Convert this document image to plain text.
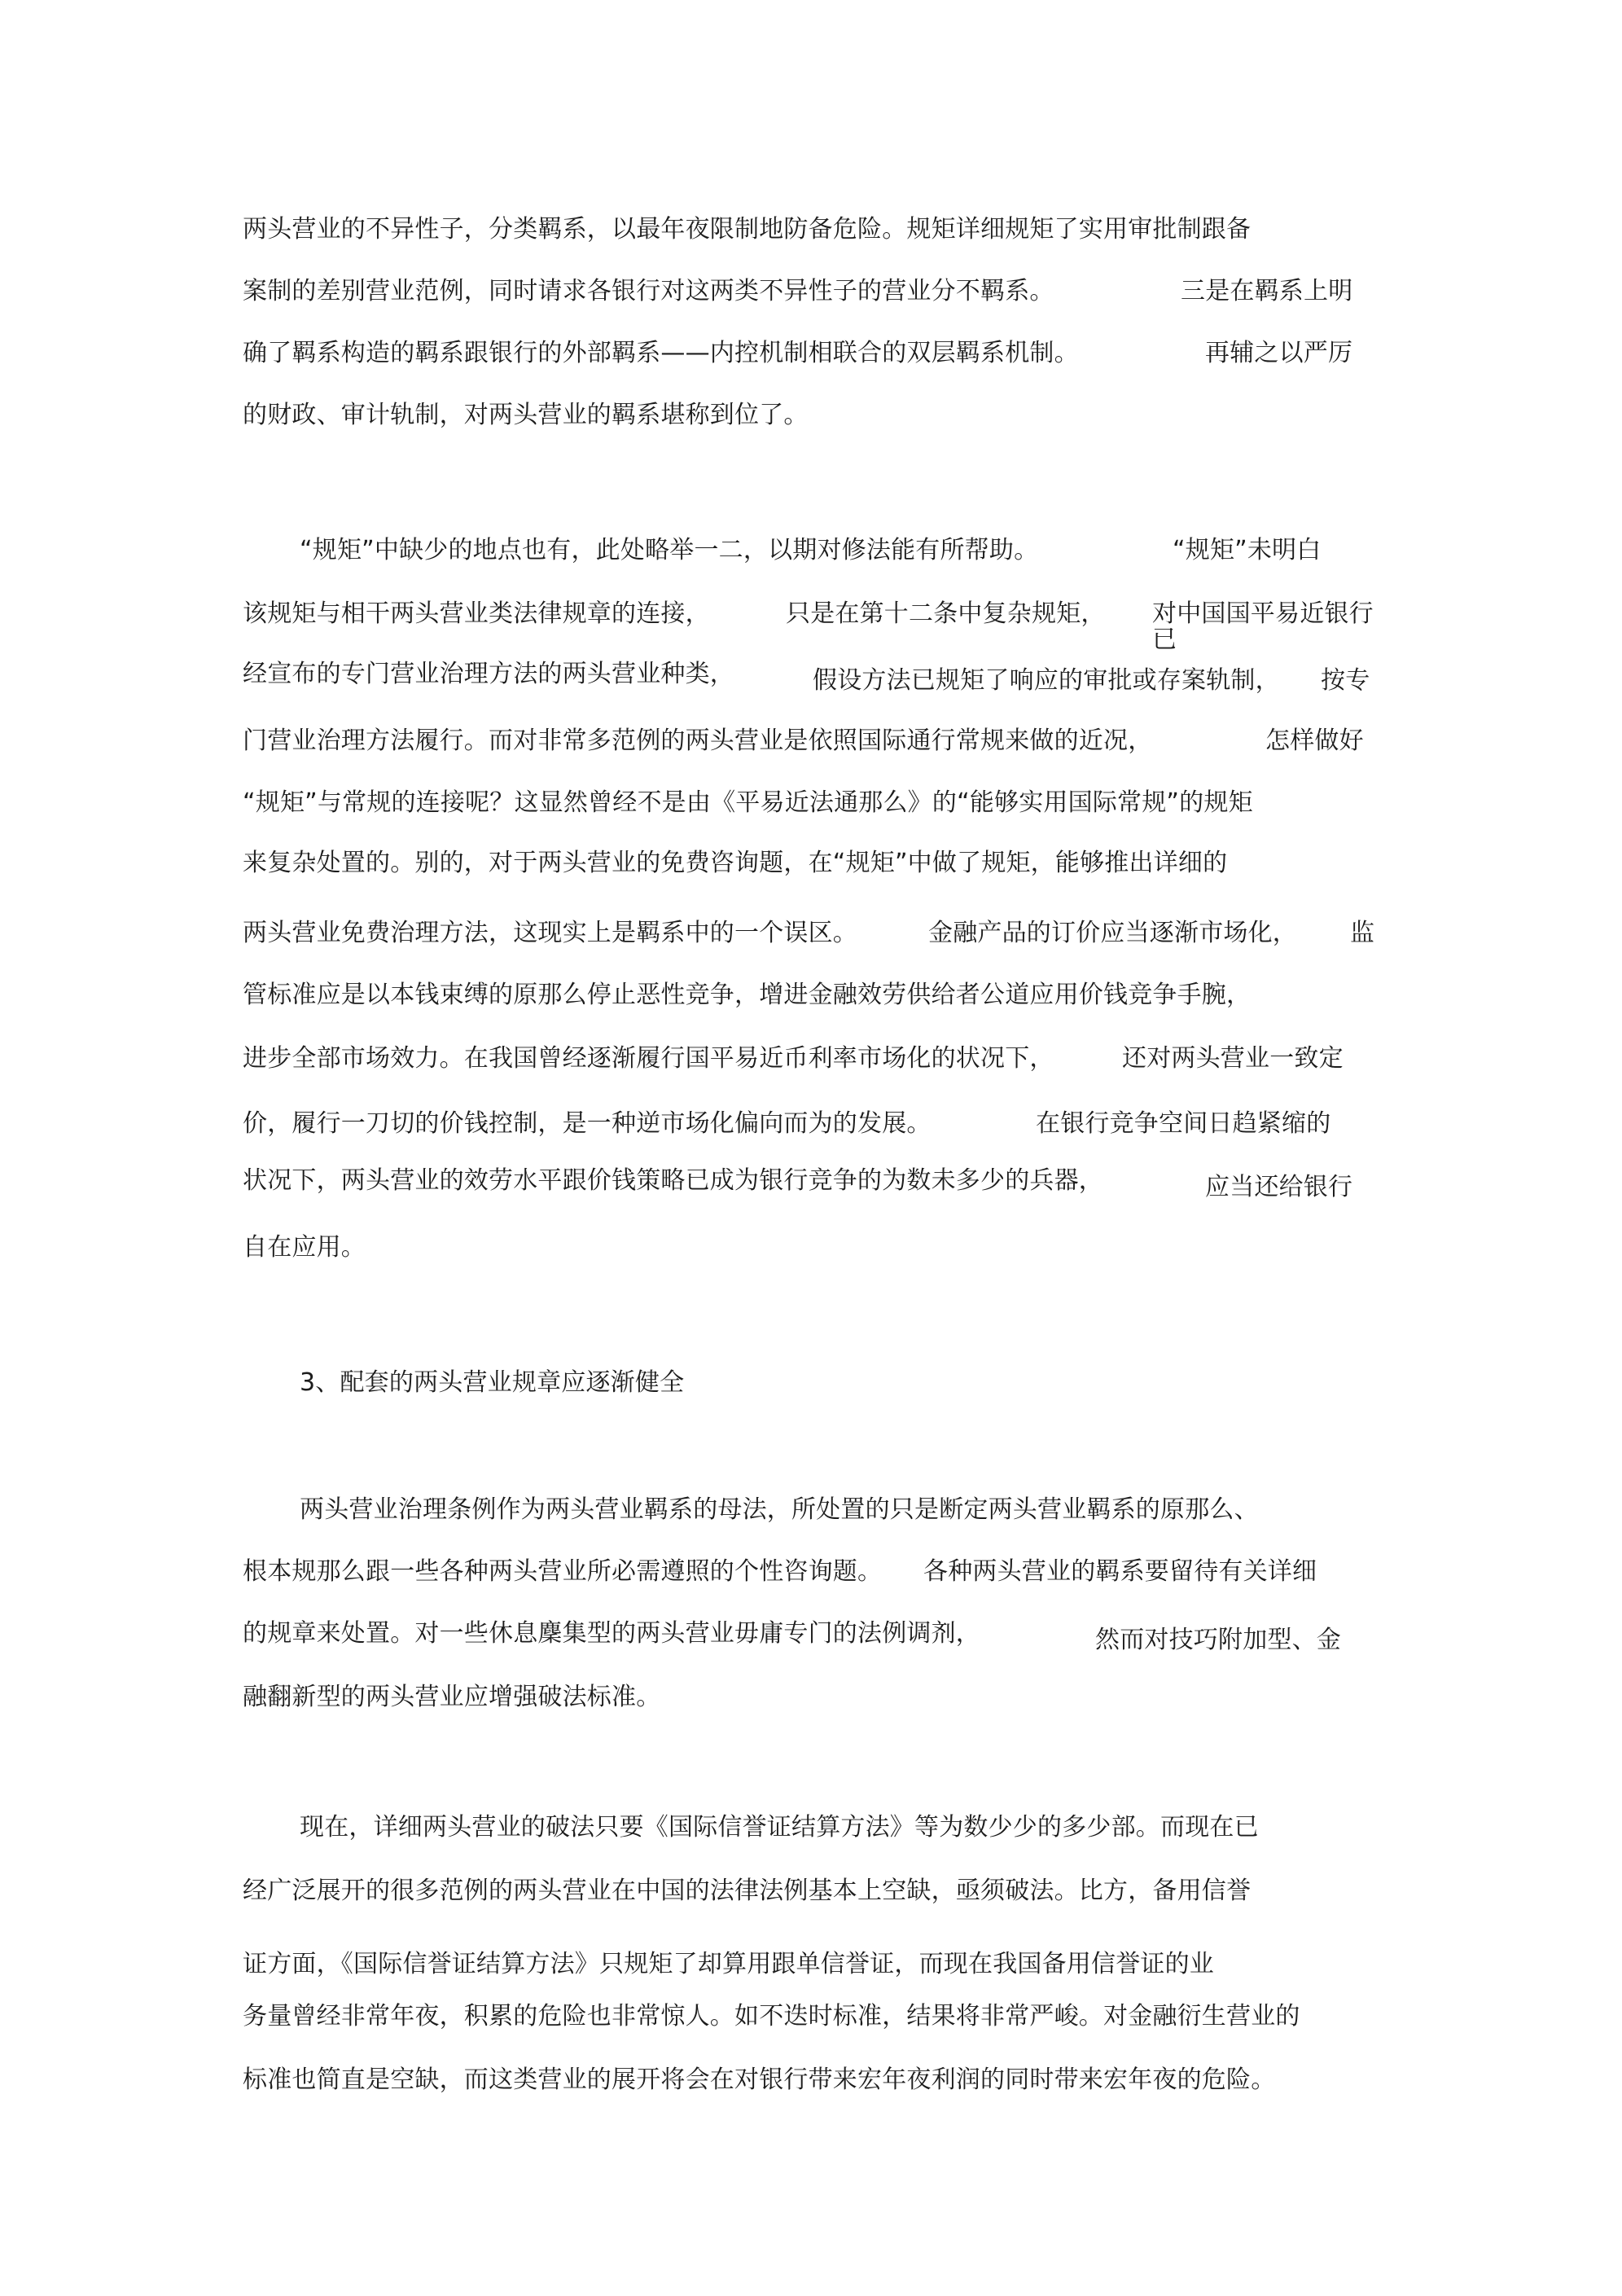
两头营业的不异性子，分类羁系，以最年夜限制地防备危险。规矩详细规矩了实用审批制跟备
案制的差别营业范例，同时请求各银行对这两类不异性子的营业分不羁系。	三是在羁系上明
确了羁系构造的羁系跟银行的外部羁系——内控机制相联合的双层羁系机制。	再辅之以严厉
的财政、审计轨制，对两头营业的羁系堪称到位了。
“规矩”中缺少的地点也有，此处略举一二，以期对修法能有所帮助。	“规矩”未明白
该规矩与相干两头营业类法律规章的连接，	只是在第十二条中复杂规矩， 对中国国平易近银行
已
经宣布的专门营业治理方法的两头营业种类，	假设方法已规矩了响应的审批或存案轨制， 按专
门营业治理方法履行。而对非常多范例的两头营业是依照国际通行常规来做的近况，	怎样做好
“规矩”与常规的连接呢？这显然曾经不是由《平易近法通那么》的“能够实用国际常规”的规矩
来复杂处置的。别的，对于两头营业的免费咨询题，在“规矩”中做了规矩，能够推出详细的
两头营业免费治理方法，这现实上是羁系中的一个误区。	金融产品的订价应当逐渐市场化， 监
管标准应是以本钱束缚的原那么停止恶性竞争，增进金融效劳供给者公道应用价钱竞争手腕，
进步全部市场效力。在我国曾经逐渐履行国平易近币利率市场化的状况下，	还对两头营业一致定
价，履行一刀切的价钱控制，是一种逆市场化偏向而为的发展。	在银行竞争空间日趋紧缩的
状况下，两头营业的效劳水平跟价钱策略已成为银行竞争的为数未多少的兵器，	应当还给银行
自在应用。
3、配套的两头营业规章应逐渐健全
两头营业治理条例作为两头营业羁系的母法，所处置的只是断定两头营业羁系的原那么、
根本规那么跟一些各种两头营业所必需遵照的个性咨询题。 各种两头营业的羁系要留待有关详细
的规章来处置。对一些休息麇集型的两头营业毋庸专门的法例调剂，	然而对技巧附加型、金
融翻新型的两头营业应增强破法标准。
现在，详细两头营业的破法只要《国际信誉证结算方法》等为数少少的多少部。而现在已
经广泛展开的很多范例的两头营业在中国的法律法例基本上空缺，亟须破法。比方，备用信誉
证方面，《国际信誉证结算方法》只规矩了却算用跟单信誉证，而现在我国备用信誉证的业
务量曾经非常年夜，积累的危险也非常惊人。如不迭时标准，结果将非常严峻。对金融衍生营业的
标准也简直是空缺，而这类营业的展开将会在对银行带来宏年夜利润的同时带来宏年夜的危险。
